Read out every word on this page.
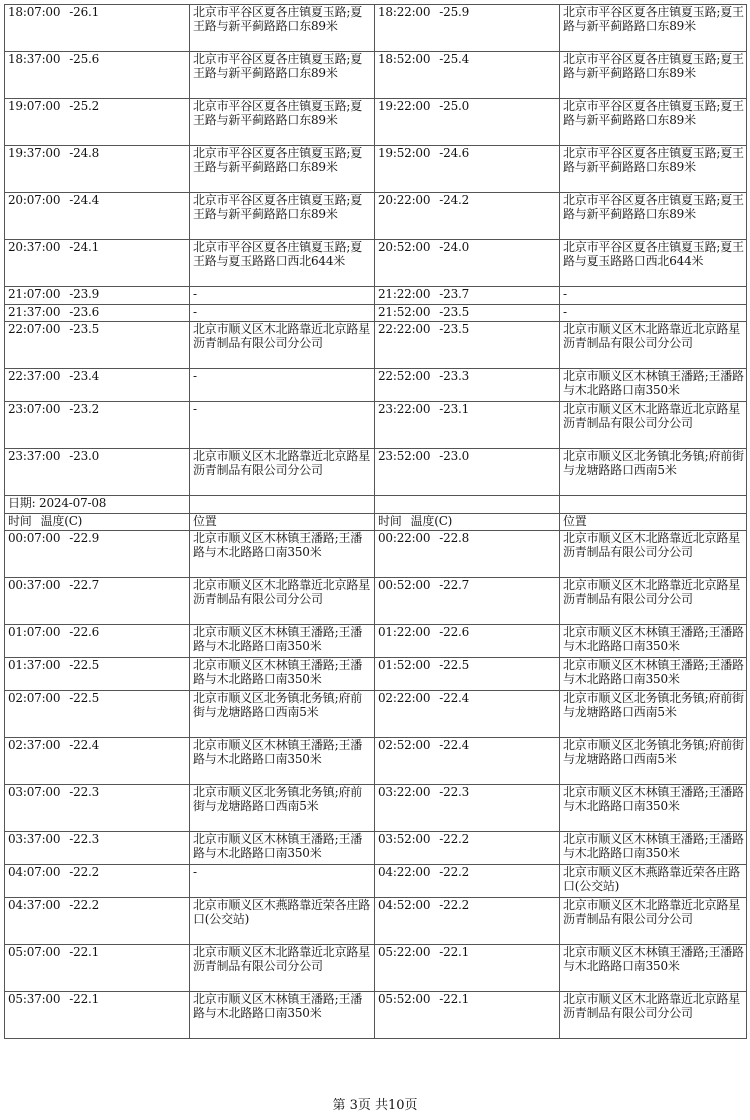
18:07:00 -26.1	北京市平谷区夏各庄镇夏玉路;夏王路与新平蓟路路口东89米	18:22:00 -25.9	北京市平谷区夏各庄镇夏玉路;夏王路与新平蓟路路口东89米
18:37:00 -25.6	北京市平谷区夏各庄镇夏玉路;夏王路与新平蓟路路口东89米	18:52:00 -25.4	北京市平谷区夏各庄镇夏玉路;夏王路与新平蓟路路口东89米
19:07:00 -25.2	北京市平谷区夏各庄镇夏玉路;夏王路与新平蓟路路口东89米	19:22:00 -25.0	北京市平谷区夏各庄镇夏玉路;夏王路与新平蓟路路口东89米
19:37:00 -24.8	北京市平谷区夏各庄镇夏玉路;夏王路与新平蓟路路口东89米	19:52:00 -24.6	北京市平谷区夏各庄镇夏玉路;夏王路与新平蓟路路口东89米
20:07:00 -24.4	北京市平谷区夏各庄镇夏玉路;夏王路与新平蓟路路口东89米	20:22:00 -24.2	北京市平谷区夏各庄镇夏玉路;夏王路与新平蓟路路口东89米
20:37:00 -24.1	北京市平谷区夏各庄镇夏玉路;夏王路与夏玉路路口西北644米	20:52:00 -24.0	北京市平谷区夏各庄镇夏玉路;夏王路与夏玉路路口西北644米
21:07:00 -23.9	-	21:22:00 -23.7	-
21:37:00 -23.6	-	21:52:00 -23.5	-
22:07:00 -23.5	北京市顺义区木北路靠近北京路星沥青制品有限公司分公司	22:22:00 -23.5	北京市顺义区木北路靠近北京路星沥青制品有限公司分公司
22:37:00 -23.4	-	22:52:00 -23.3	北京市顺义区木林镇王潘路;王潘路与木北路路口南350米
23:07:00 -23.2	-	23:22:00 -23.1	北京市顺义区木北路靠近北京路星沥青制品有限公司分公司
23:37:00 -23.0	北京市顺义区木北路靠近北京路星沥青制品有限公司分公司	23:52:00 -23.0	北京市顺义区北务镇北务镇;府前街与龙塘路路口西南5米
日期: 2024-07-08			
时间 温度(C)	位置	时间 温度(C)	位置
00:07:00 -22.9	北京市顺义区木林镇王潘路;王潘路与木北路路口南350米	00:22:00 -22.8	北京市顺义区木北路靠近北京路星沥青制品有限公司分公司
00:37:00 -22.7	北京市顺义区木北路靠近北京路星沥青制品有限公司分公司	00:52:00 -22.7	北京市顺义区木北路靠近北京路星沥青制品有限公司分公司
01:07:00 -22.6	北京市顺义区木林镇王潘路;王潘路与木北路路口南350米	01:22:00 -22.6	北京市顺义区木林镇王潘路;王潘路与木北路路口南350米
01:37:00 -22.5	北京市顺义区木林镇王潘路;王潘路与木北路路口南350米	01:52:00 -22.5	北京市顺义区木林镇王潘路;王潘路与木北路路口南350米
02:07:00 -22.5	北京市顺义区北务镇北务镇;府前街与龙塘路路口西南5米	02:22:00 -22.4	北京市顺义区北务镇北务镇;府前街与龙塘路路口西南5米
02:37:00 -22.4	北京市顺义区木林镇王潘路;王潘路与木北路路口南350米	02:52:00 -22.4	北京市顺义区北务镇北务镇;府前街与龙塘路路口西南5米
03:07:00 -22.3	北京市顺义区北务镇北务镇;府前街与龙塘路路口西南5米	03:22:00 -22.3	北京市顺义区木林镇王潘路;王潘路与木北路路口南350米
03:37:00 -22.3	北京市顺义区木林镇王潘路;王潘路与木北路路口南350米	03:52:00 -22.2	北京市顺义区木林镇王潘路;王潘路与木北路路口南350米
04:07:00 -22.2	-	04:22:00 -22.2	北京市顺义区木燕路靠近荣各庄路口(公交站)
04:37:00 -22.2	北京市顺义区木燕路靠近荣各庄路口(公交站)	04:52:00 -22.2	北京市顺义区木北路靠近北京路星沥青制品有限公司分公司
05:07:00 -22.1	北京市顺义区木北路靠近北京路星沥青制品有限公司分公司	05:22:00 -22.1	北京市顺义区木林镇王潘路;王潘路与木北路路口南350米
05:37:00 -22.1	北京市顺义区木林镇王潘路;王潘路与木北路路口南350米	05:52:00 -22.1	北京市顺义区木北路靠近北京路星沥青制品有限公司分公司
第 3页 共10页
